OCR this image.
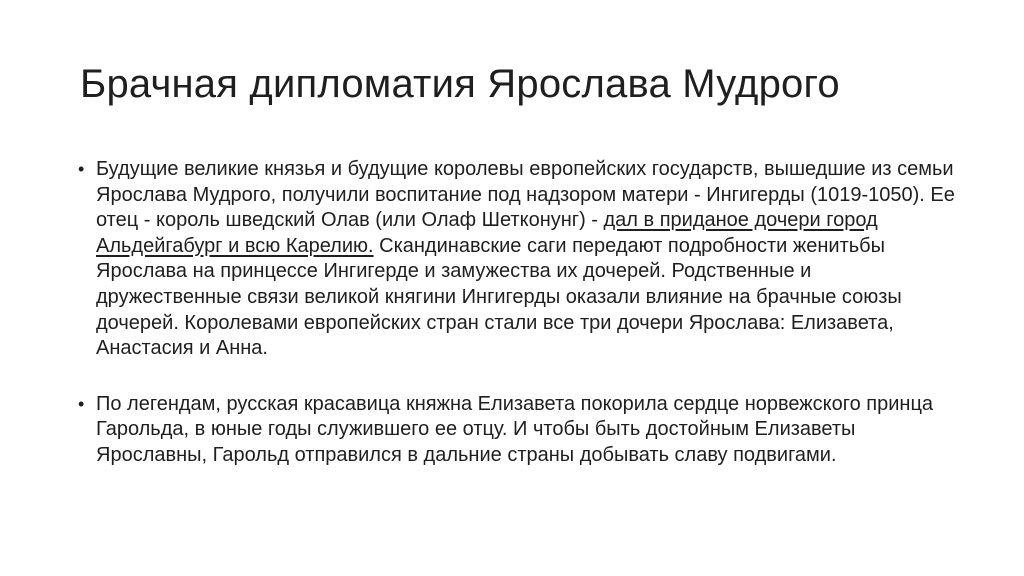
Брачная дипломатия Ярослава Мудрого
• Будущие великие князья и будущие королевы европейских государств, вышедшие из семьи Ярослава Мудрого, получили воспитание под надзором матери - Ингигерды (1019-1050). Ее отец - король шведский Олав (или Олаф Шетконунг) - дал в приданое дочери город Альдейгабург и всю Карелию. Скандинавские саги передают подробности женитьбы Ярослава на принцессе Ингигерде и замужества их дочерей. Родственные и дружественные связи великой княгини Ингигерды оказали влияние на брачные союзы дочерей. Королевами европейских стран стали все три дочери Ярослава: Елизавета, Анастасия и Анна.
• По легендам, русская красавица княжна Елизавета покорила сердце норвежского принца Гарольда, в юные годы служившего ее отцу. И чтобы быть достойным Елизаветы Ярославны, Гарольд отправился в дальние страны добывать славу подвигами.
